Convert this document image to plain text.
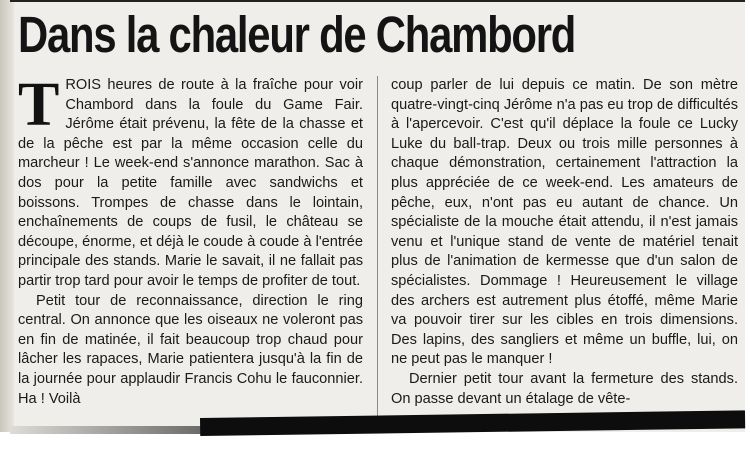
Dans la chaleur de Chambord

TROIS heures de route à la fraîche pour voir Chambord dans la foule du Game Fair. Jérôme était prévenu, la fête de la chasse et de la pêche est par la même occasion celle du marcheur ! Le week-end s'annonce marathon. Sac à dos pour la petite famille avec sandwichs et boissons. Trompes de chasse dans le lointain, enchaînements de coups de fusil, le château se découpe, énorme, et déjà le coude à coude à l'entrée principale des stands. Marie le savait, il ne fallait pas partir trop tard pour avoir le temps de profiter de tout.

Petit tour de reconnaissance, direction le ring central. On annonce que les oiseaux ne voleront pas en fin de matinée, il fait beaucoup trop chaud pour lâcher les rapaces, Marie patientera jusqu'à la fin de la journée pour applaudir Francis Cohu le fauconnier. Ha ! Voilà

coup parler de lui depuis ce matin. De son mètre quatre-vingt-cinq Jérôme n'a pas eu trop de difficultés à l'apercevoir. C'est qu'il déplace la foule ce Lucky Luke du ball-trap. Deux ou trois mille personnes à chaque démonstration, certainement l'attraction la plus appréciée de ce week-end. Les amateurs de pêche, eux, n'ont pas eu autant de chance. Un spécialiste de la mouche était attendu, il n'est jamais venu et l'unique stand de vente de matériel tenait plus de l'animation de kermesse que d'un salon de spécialistes. Dommage ! Heureusement le village des archers est autrement plus étoffé, même Marie va pouvoir tirer sur les cibles en trois dimensions. Des lapins, des sangliers et même un buffle, lui, on ne peut pas le manquer !

Dernier petit tour avant la fermeture des stands. On passe devant un étalage de vête-
